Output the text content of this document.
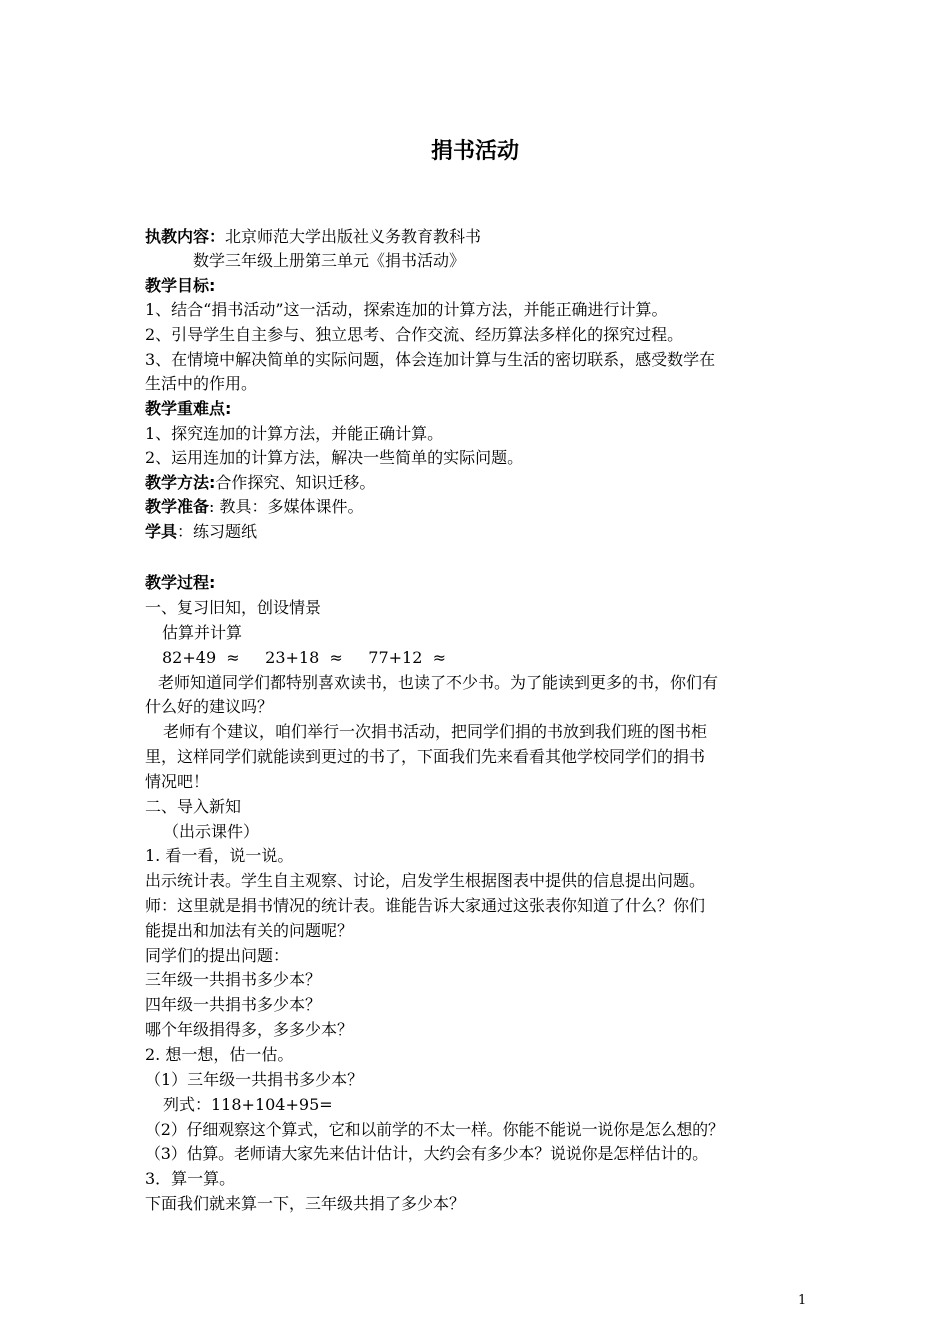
捐书活动
执教内容：北京师范大学出版社义务教育教科书
数学三年级上册第三单元《捐书活动》
教学目标:
1、结合“捐书活动”这一活动，探索连加的计算方法，并能正确进行计算。
2、引导学生自主参与、独立思考、合作交流、经历算法多样化的探究过程。
3、在情境中解决简单的实际问题，体会连加计算与生活的密切联系，感受数学在
生活中的作用。
教学重难点:
1、探究连加的计算方法，并能正确计算。
2、运用连加的计算方法，解决一些简单的实际问题。
教学方法:合作探究、知识迁移。
教学准备: 教具：多媒体课件。
学具：练习题纸
教学过程:
一、复习旧知，创设情景
估算并计算
82+49  ≈     23+18  ≈     77+12  ≈
老师知道同学们都特别喜欢读书，也读了不少书。为了能读到更多的书，你们有
什么好的建议吗？
老师有个建议，咱们举行一次捐书活动，把同学们捐的书放到我们班的图书柜
里，这样同学们就能读到更过的书了，下面我们先来看看其他学校同学们的捐书
情况吧！
二、导入新知
（出示课件）
1. 看一看，说一说。
出示统计表。学生自主观察、讨论，启发学生根据图表中提供的信息提出问题。
师：这里就是捐书情况的统计表。谁能告诉大家通过这张表你知道了什么？你们
能提出和加法有关的问题呢？
同学们的提出问题：
三年级一共捐书多少本？
四年级一共捐书多少本？
哪个年级捐得多，多多少本？
2. 想一想，估一估。
（1）三年级一共捐书多少本？
列式：118+104+95=
（2）仔细观察这个算式，它和以前学的不太一样。你能不能说一说你是怎么想的？
（3）估算。老师请大家先来估计估计，大约会有多少本？说说你是怎样估计的。
3．算一算。
下面我们就来算一下，三年级共捐了多少本？
1
